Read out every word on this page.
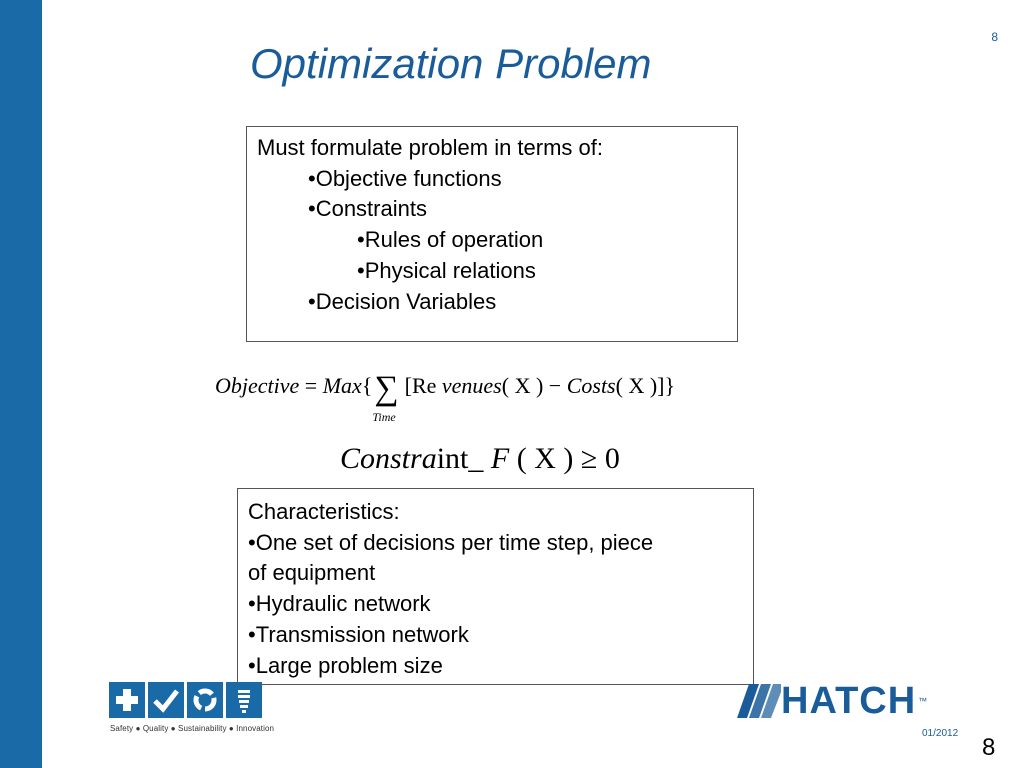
8
Optimization Problem

Must formulate problem in terms of:

•Objective functions

•Constraints

•Rules of operation

•Physical relations

•Decision Variables

Objective = Max{∑
Time
[Re venues( X ) − Costs( X )]}
Constraint_ F ( X ) ≥ 0

Characteristics:

•One set of decisions per time step, piece

of equipment

•Hydraulic network

•Transmission network

•Large problem size

Safety ● Quality ● Sustainability ● Innovation
HATCH ™
01/2012
8
